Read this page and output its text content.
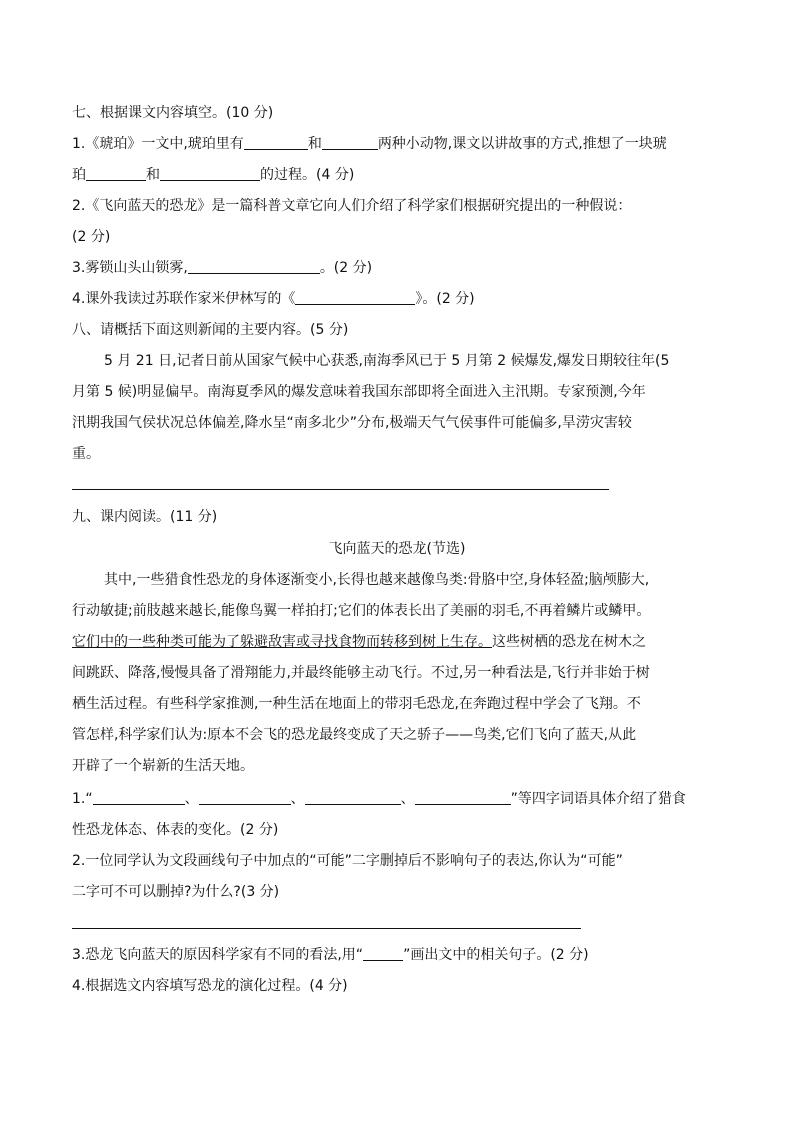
七、根据课文内容填空。(10 分)
1.《琥珀》一文中,琥珀里有	和	两种小动物,课文以讲故事的方式,推想了一块琥
珀	和	的过程。(4 分)
2.《飞向蓝天的恐龙》是一篇科普文章它向人们介绍了科学家们根据研究提出的一种假说：
(2 分)
3.雾锁山头山锁雾,	。(2 分)
4.课外我读过苏联作家米伊林写的《	》。(2 分)
八、请概括下面这则新闻的主要内容。(5 分)
5 月 21 日,记者日前从国家气候中心获悉,南海季风已于 5 月第 2 候爆发,爆发日期较往年(5
月第 5 候)明显偏早。南海夏季风的爆发意味着我国东部即将全面进入主汛期。专家预测,今年
汛期我国气侯状况总体偏差,降水呈“南多北少”分布,极端天气气侯事件可能偏多,旱涝灾害较
重。
九、课内阅读。(11 分)
飞向蓝天的恐龙(节选)
其中,一些猎食性恐龙的身体逐渐变小,长得也越来越像鸟类:骨胳中空,身体轻盈;脑颅膨大,
行动敏捷;前肢越来越长,能像鸟翼一样拍打;它们的体表长出了美丽的羽毛,不再着鳞片或鳞甲。
它们中的一些种类可能为了躲避敌害或寻找食物而转移到树上生存。这些树栖的恐龙在树木之
间跳跃、降落,慢慢具备了滑翔能力,并最终能够主动飞行。不过,另一种看法是,飞行并非始于树
栖生活过程。有些科学家推测,一种生活在地面上的带羽毛恐龙,在奔跑过程中学会了飞翔。不
管怎样,科学家们认为:原本不会飞的恐龙最终变成了天之骄子——鸟类,它们飞向了蓝天,从此
开辟了一个崭新的生活天地。
1.“	、	、	、	”等四字词语具体介绍了猎食
性恐龙体态、体表的变化。(2 分)
2.一位同学认为文段画线句子中加点的“可能”二字删掉后不影响句子的表达,你认为“可能”
二字可不可以删掉?为什么?(3 分)
3.恐龙飞向蓝天的原因科学家有不同的看法,用“	”画出文中的相关句子。(2 分)
4.根据选文内容填写恐龙的演化过程。(4 分)
